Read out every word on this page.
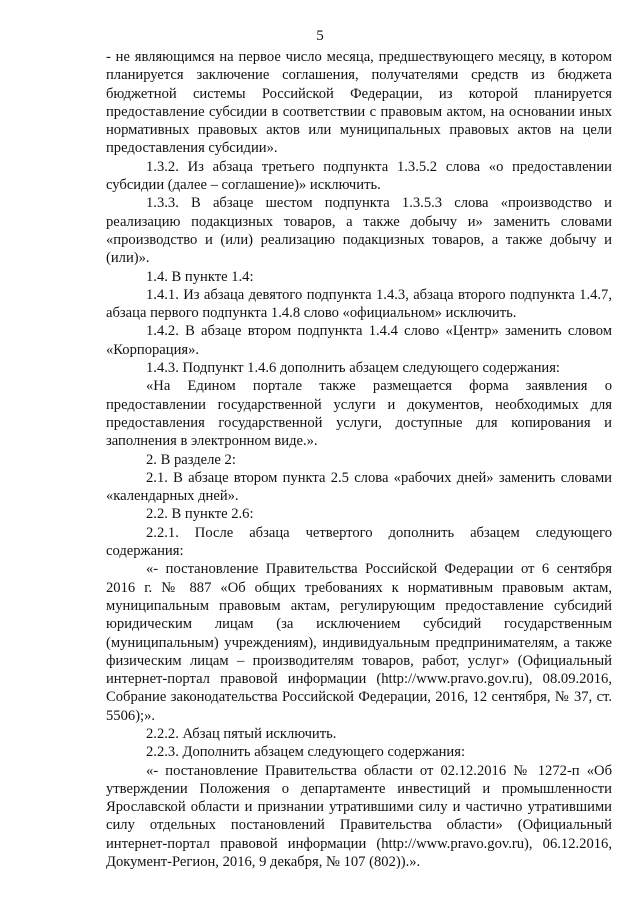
5

- не являющимся на первое число месяца, предшествующего месяцу, в котором планируется заключение соглашения, получателями средств из бюджета бюджетной системы Российской Федерации, из которой планируется предоставление субсидии в соответствии с правовым актом, на основании иных нормативных правовых актов или муниципальных правовых актов на цели предоставления субсидии».

1.3.2. Из абзаца третьего подпункта 1.3.5.2 слова «о предоставлении субсидии (далее – соглашение)» исключить.

1.3.3. В абзаце шестом подпункта 1.3.5.3 слова «производство и реализацию подакцизных товаров, а также добычу и» заменить словами «производство и (или) реализацию подакцизных товаров, а также добычу и (или)».

1.4. В пункте 1.4:

1.4.1. Из абзаца девятого подпункта 1.4.3, абзаца второго подпункта 1.4.7, абзаца первого подпункта 1.4.8 слово «официальном» исключить.

1.4.2. В абзаце втором подпункта 1.4.4 слово «Центр» заменить словом «Корпорация».

1.4.3. Подпункт 1.4.6 дополнить абзацем следующего содержания:

«На Едином портале также размещается форма заявления о предоставлении государственной услуги и документов, необходимых для предоставления государственной услуги, доступные для копирования и заполнения в электронном виде.».

2. В разделе 2:

2.1. В абзаце втором пункта 2.5 слова «рабочих дней» заменить словами «календарных дней».

2.2. В пункте 2.6:

2.2.1. После абзаца четвертого дополнить абзацем следующего содержания:

«- постановление Правительства Российской Федерации от 6 сентября 2016 г. № 887 «Об общих требованиях к нормативным правовым актам, муниципальным правовым актам, регулирующим предоставление субсидий юридическим лицам (за исключением субсидий государственным (муниципальным) учреждениям), индивидуальным предпринимателям, а также физическим лицам – производителям товаров, работ, услуг» (Официальный интернет-портал правовой информации (http://www.pravo.gov.ru), 08.09.2016, Собрание законодательства Российской Федерации, 2016, 12 сентября, № 37, ст. 5506);».

2.2.2. Абзац пятый исключить.

2.2.3. Дополнить абзацем следующего содержания:

«- постановление Правительства области от 02.12.2016 № 1272-п «Об утверждении Положения о департаменте инвестиций и промышленности Ярославской области и признании утратившими силу и частично утратившими силу отдельных постановлений Правительства области» (Официальный интернет-портал правовой информации (http://www.pravo.gov.ru), 06.12.2016, Документ-Регион, 2016, 9 декабря, № 107 (802)).».
